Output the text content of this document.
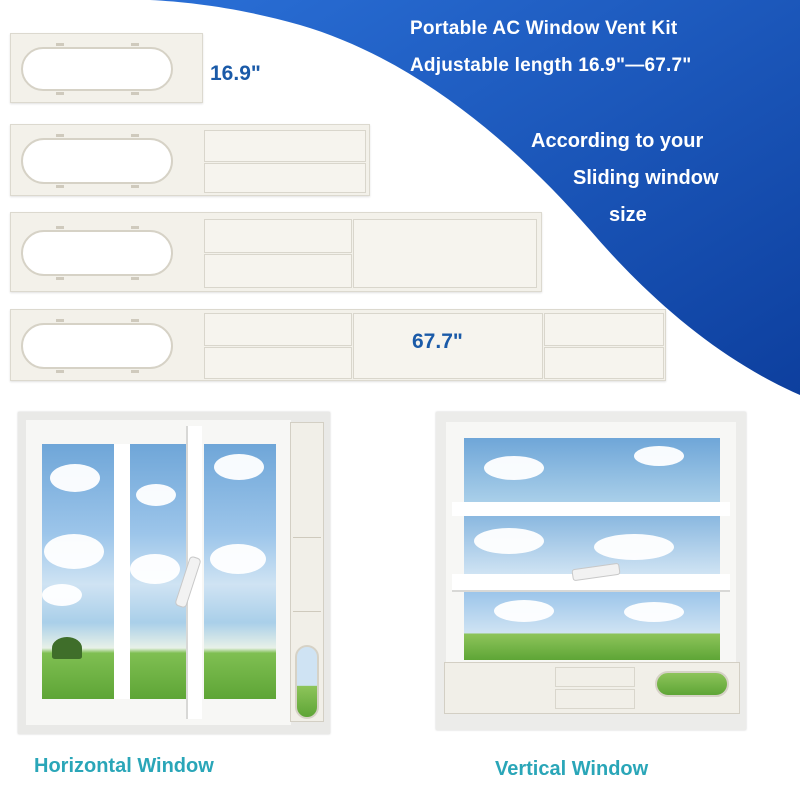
Portable AC Window Vent Kit
Adjustable length 16.9"—67.7"
According to your
Sliding window
size
16.9"
67.7"
Horizontal Window	Vertical Window
